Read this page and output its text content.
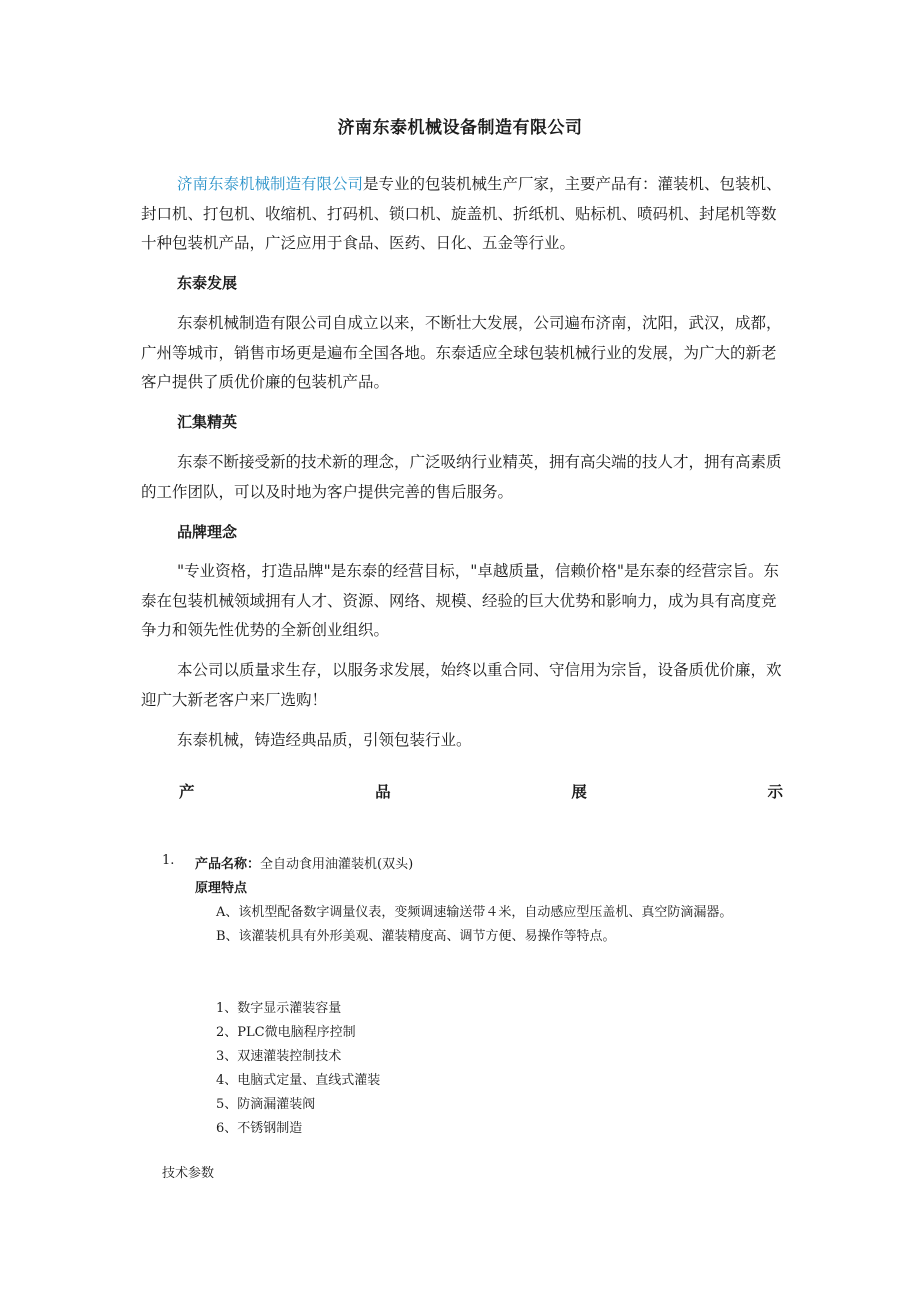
济南东泰机械设备制造有限公司
济南东泰机械制造有限公司是专业的包装机械生产厂家，主要产品有：灌装机、包装机、封口机、打包机、收缩机、打码机、锁口机、旋盖机、折纸机、贴标机、喷码机、封尾机等数十种包装机产品，广泛应用于食品、医药、日化、五金等行业。
东泰发展
东泰机械制造有限公司自成立以来，不断壮大发展，公司遍布济南，沈阳，武汉，成都，广州等城市，销售市场更是遍布全国各地。东泰适应全球包装机械行业的发展，为广大的新老客户提供了质优价廉的包装机产品。
汇集精英
东泰不断接受新的技术新的理念，广泛吸纳行业精英，拥有高尖端的技人才，拥有高素质的工作团队，可以及时地为客户提供完善的售后服务。
品牌理念
"专业资格，打造品牌"是东泰的经营目标，"卓越质量，信赖价格"是东泰的经营宗旨。东泰在包装机械领域拥有人才、资源、网络、规模、经验的巨大优势和影响力，成为具有高度竞争力和领先性优势的全新创业组织。
本公司以质量求生存，以服务求发展，始终以重合同、守信用为宗旨，设备质优价廉，欢迎广大新老客户来厂选购！
东泰机械，铸造经典品质，引领包装行业。
产	品	展	示
1. 产品名称：全自动食用油灌装机(双头)
原理特点
A、该机型配备数字调量仪表，变频调速输送带４米，自动感应型压盖机、真空防滴漏器。
B、该灌装机具有外形美观、灌装精度高、调节方便、易操作等特点。
1、数字显示灌装容量
2、PLC微电脑程序控制
3、双速灌装控制技术
4、电脑式定量、直线式灌装
5、防滴漏灌装阀
6、不锈钢制造
技术参数
